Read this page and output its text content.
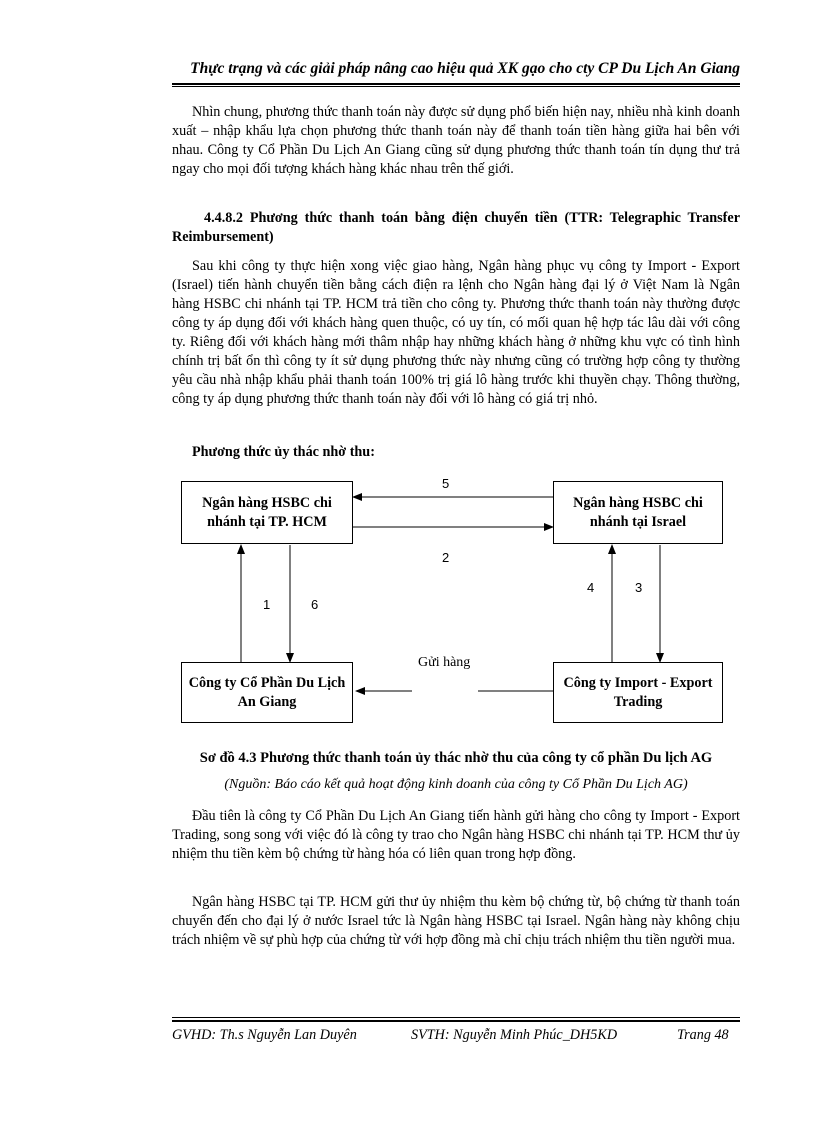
Thực trạng và các giải pháp nâng cao hiệu quả XK gạo cho cty CP Du Lịch An Giang

Nhìn chung, phương thức thanh toán này được sử dụng phổ biến hiện nay, nhiều nhà kinh doanh xuất – nhập khẩu lựa chọn phương thức thanh toán này để thanh toán tiền hàng giữa hai bên với nhau. Công ty Cổ Phần Du Lịch An Giang cũng sử dụng phương thức thanh toán tín dụng thư trả ngay cho mọi đối tượng khách hàng khác nhau trên thế giới.

4.4.8.2 Phương thức thanh toán bằng điện chuyển tiền (TTR: Telegraphic Transfer Reimbursement)

Sau khi công ty thực hiện xong việc giao hàng, Ngân hàng phục vụ công ty Import - Export (Israel) tiến hành chuyển tiền bằng cách điện ra lệnh cho Ngân hàng đại lý ở Việt Nam là Ngân hàng HSBC chi nhánh tại TP. HCM trả tiền cho công ty. Phương thức thanh toán này thường được công ty áp dụng đối với khách hàng quen thuộc, có uy tín, có mối quan hệ hợp tác lâu dài với công ty. Riêng đối với khách hàng mới thâm nhập hay những khách hàng ở những khu vực có tình hình chính trị bất ổn thì công ty ít sử dụng phương thức này nhưng cũng có trường hợp công ty thường yêu cầu nhà nhập khẩu phải thanh toán 100% trị giá lô hàng trước khi thuyền chạy. Thông thường, công ty áp dụng phương thức thanh toán này đối với lô hàng có giá trị nhỏ.

Phương thức ủy thác nhờ thu:
Ngân hàng HSBC chi nhánh tại TP. HCM
Ngân hàng HSBC chi nhánh tại Israel
Công ty Cổ Phần Du Lịch An Giang
Công ty Import - Export Trading
5
2
1	6
4	3
Gửi hàng
Sơ đồ 4.3 Phương thức thanh toán ủy thác nhờ thu của công ty cổ phần Du lịch AG
(Nguồn: Báo cáo kết quả hoạt động kinh doanh của công ty Cổ Phần Du Lịch AG)

Đầu tiên là công ty Cổ Phần Du Lịch An Giang tiến hành gửi hàng cho công ty Import - Export Trading, song song với việc đó là công ty trao cho Ngân hàng HSBC chi nhánh tại TP. HCM thư ủy nhiệm thu tiền kèm bộ chứng từ hàng hóa có liên quan trong hợp đồng.

Ngân hàng HSBC tại TP. HCM gửi thư ủy nhiệm thu kèm bộ chứng từ, bộ chứng từ thanh toán chuyển đến cho đại lý ở nước Israel tức là Ngân hàng HSBC tại Israel. Ngân hàng này không chịu trách nhiệm về sự phù hợp của chứng từ với hợp đồng mà chỉ chịu trách nhiệm thu tiền người mua.

GVHD: Th.s Nguyễn Lan Duyên	SVTH: Nguyễn Minh Phúc_DH5KD	Trang 48
